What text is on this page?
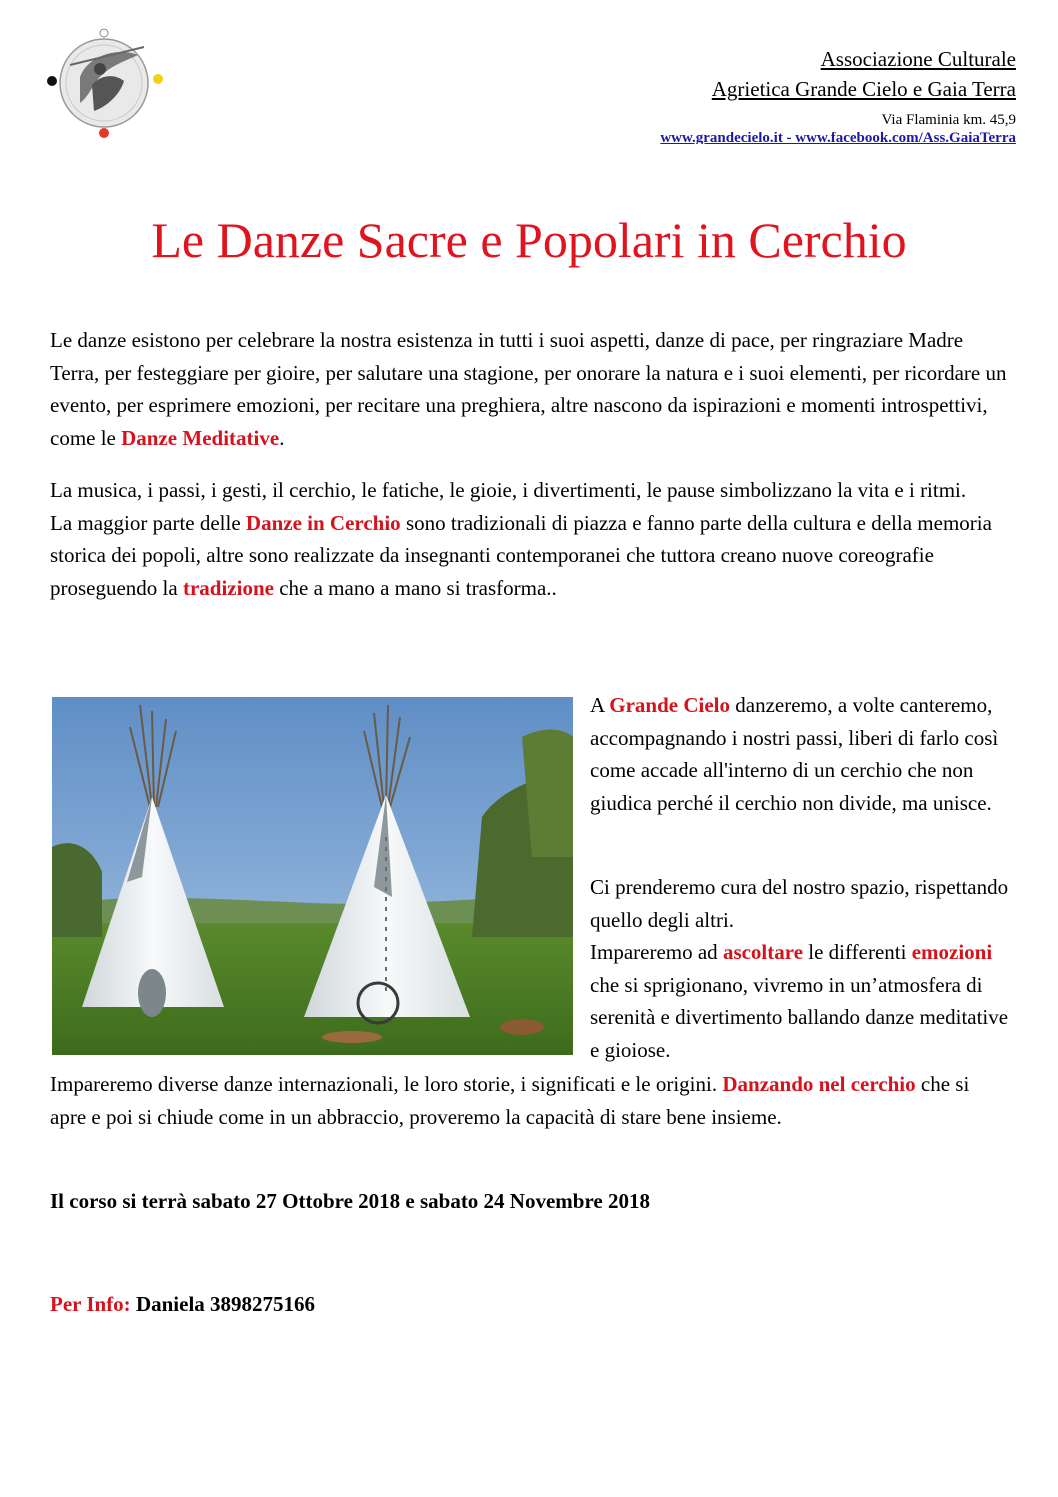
Associazione Culturale
Agrietica Grande Cielo e Gaia Terra
Via Flaminia km. 45,9
www.grandecielo.it - www.facebook.com/Ass.GaiaTerra
Le Danze Sacre e Popolari in Cerchio

Le danze esistono per celebrare la nostra esistenza in tutti i suoi aspetti, danze di pace, per ringraziare Madre Terra, per festeggiare per gioire, per salutare una stagione, per onorare la natura e i suoi elementi, per ricordare un evento, per esprimere emozioni, per recitare una preghiera, altre nascono da ispirazioni e momenti introspettivi, come le Danze Meditative.

La musica, i passi, i gesti, il cerchio, le fatiche, le gioie, i divertimenti, le pause simbolizzano la vita e i ritmi.
La maggior parte delle Danze in Cerchio sono tradizionali di piazza e fanno parte della cultura e della memoria storica dei popoli, altre sono realizzate da insegnanti contemporanei che tuttora creano nuove coreografie proseguendo la tradizione che a mano a mano si trasforma..

A Grande Cielo danzeremo, a volte canteremo, accompagnando i nostri passi, liberi di farlo così come accade all'interno di un cerchio che non giudica perché il cerchio non divide, ma unisce.

Ci prenderemo cura del nostro spazio, rispettando quello degli altri.
Impareremo ad ascoltare le differenti emozioni che si sprigionano, vivremo in un’atmosfera di serenità e divertimento ballando danze meditative e gioiose.

Impareremo diverse danze internazionali, le loro storie, i significati e le origini. Danzando nel cerchio che si apre e poi si chiude come in un abbraccio, proveremo la capacità di stare bene insieme.

Il corso si terrà sabato 27 Ottobre 2018 e sabato 24 Novembre 2018

Per Info: Daniela 3898275166
